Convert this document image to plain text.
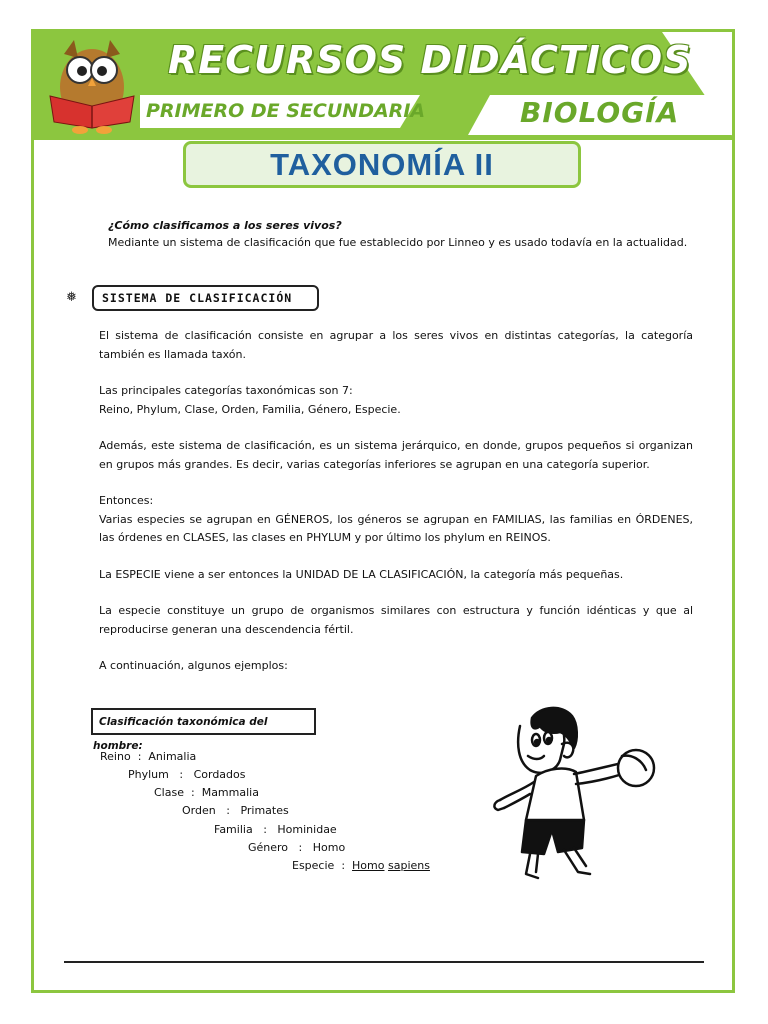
RECURSOS DIDÁCTICOS
PRIMERO DE SECUNDARIA	BIOLOGÍA
TAXONOMÍA II
¿Cómo clasificamos a los seres vivos?
Mediante un sistema de clasificación que fue establecido por Linneo y es usado todavía en la actualidad.
❅	SISTEMA DE CLASIFICACIÓN

El sistema de clasificación consiste en agrupar a los seres vivos en distintas categorías, la categoría también es llamada taxón.

Las principales categorías taxonómicas son 7:

Reino, Phylum, Clase, Orden, Familia, Género, Especie.

Además, este sistema de clasificación, es un sistema jerárquico, en donde, grupos pequeños si organizan en grupos más grandes. Es decir, varias categorías inferiores se agrupan en una categoría superior.

Entonces:

Varias especies se agrupan en GÉNEROS, los géneros se agrupan en FAMILIAS, las familias en ÓRDENES, las órdenes en CLASES, las clases en PHYLUM y por último los phylum en REINOS.

La ESPECIE viene a ser entonces la UNIDAD DE LA CLASIFICACIÓN, la categoría más pequeñas.

La especie constituye un grupo de organismos similares con estructura y función idénticas y que al reproducirse generan una descendencia fértil.

A continuación, algunos ejemplos:

Clasificación taxonómica del hombre:
Reino : Animalia
Phylum : Cordados
Clase : Mammalia
Orden : Primates
Familia : Hominidae
Género : Homo
Especie : Homo sapiens
